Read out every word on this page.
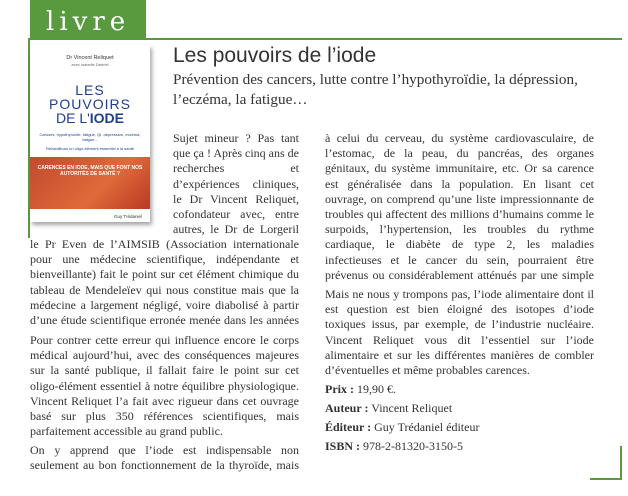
livre
Dr Vincent Reliquet
avec Isabelle Debriel
LES
POUVOIRS
DE L'IODE
Cancers, hypothyroïdie, fatigue, QI, dépression, eczéma, fatigue...
Réhabilitons un oligo-élément essentiel à la santé
CARENCES EN IODE, MAIS QUE FONT NOS AUTORITÉS DE SANTÉ ?
Guy Trédaniel
Les pouvoirs de l’iode
Prévention des cancers, lutte contre l’hypothyroïdie, la dépression, l’eczéma, la fatigue…

Sujet mineur ? Pas tant que ça ! Après cinq ans de recherches et d’expériences cliniques, le Dr Vincent Reliquet, cofondateur avec, entre autres, le Dr de Lorgeril

le Pr Even de l’AIMSIB (Association internationale pour une médecine scientifique, indépendante et bienveillante) fait le point sur cet élément chimique du tableau de Mendeleïev qui nous constitue mais que la médecine a largement négligé, voire diabolisé à partir d’une étude scientifique erronée menée dans les années

Pour contrer cette erreur qui influence encore le corps médical aujourd’hui, avec des conséquences majeures sur la santé publique, il fallait faire le point sur cet oligo-élément essentiel à notre équilibre physiologique. Vincent Reliquet l’a fait avec rigueur dans cet ouvrage basé sur plus 350 références scientifiques, mais parfaitement accessible au grand public.

On y apprend que l’iode est indispensable non seulement au bon fonctionnement de la thyroïde, mais

à celui du cerveau, du système cardiovasculaire, de l’estomac, de la peau, du pancréas, des organes génitaux, du système immunitaire, etc. Or sa carence est généralisée dans la population. En lisant cet ouvrage, on comprend qu’une liste impressionnante de troubles qui affectent des millions d’humains comme le surpoids, l’hypertension, les troubles du rythme cardiaque, le diabète de type 2, les maladies infectieuses et le cancer du sein, pourraient être prévenus ou considérablement atténués par une simple

Mais ne nous y trompons pas, l’iode alimentaire dont il est question est bien éloigné des isotopes d’iode toxiques issus, par exemple, de l’industrie nucléaire. Vincent Reliquet vous dit l’essentiel sur l’iode alimentaire et sur les différentes manières de combler d’éventuelles et même probables carences.

Prix : 19,90 €.
Auteur : Vincent Reliquet
Éditeur : Guy Trédaniel éditeur
ISBN : 978-2-81320-3150-5
